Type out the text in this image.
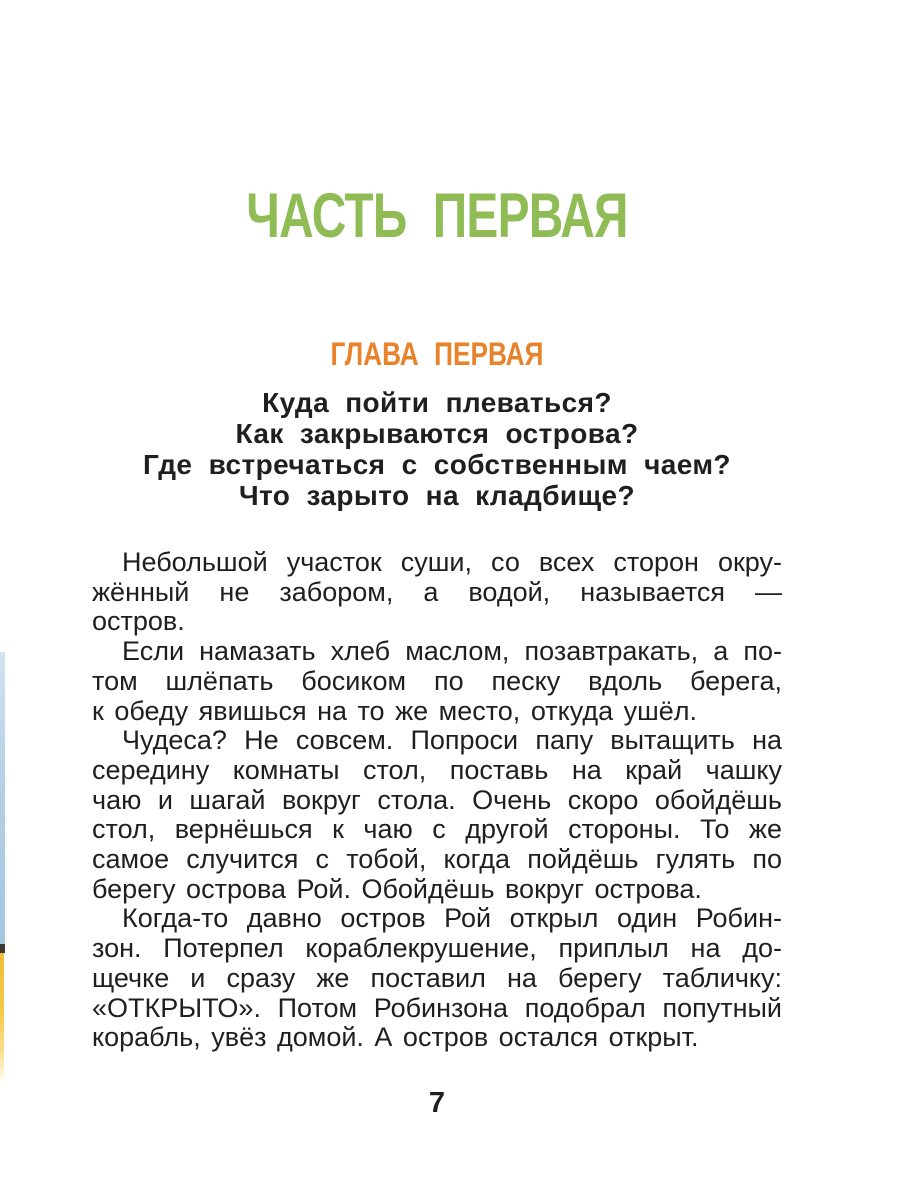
ЧАСТЬ ПЕРВАЯ
ГЛАВА ПЕРВАЯ
Куда пойти плеваться?
Как закрываются острова?
Где встречаться с собственным чаем?
Что зарыто на кладбище?
Небольшой участок суши, со всех сторон окру-
жённый не забором, а водой, называется —
остров.
Если намазать хлеб маслом, позавтракать, а по-
том шлёпать босиком по песку вдоль берега,
к обеду явишься на то же место, откуда ушёл.
Чудеса? Не совсем. Попроси папу вытащить на
середину комнаты стол, поставь на край чашку
чаю и шагай вокруг стола. Очень скоро обойдёшь
стол, вернёшься к чаю с другой стороны. То же
самое случится с тобой, когда пойдёшь гулять по
берегу острова Рой. Обойдёшь вокруг острова.
Когда-то давно остров Рой открыл один Робин-
зон. Потерпел кораблекрушение, приплыл на до-
щечке и сразу же поставил на берегу табличку:
«ОТКРЫТО». Потом Робинзона подобрал попутный
корабль, увёз домой. А остров остался открыт.
7
